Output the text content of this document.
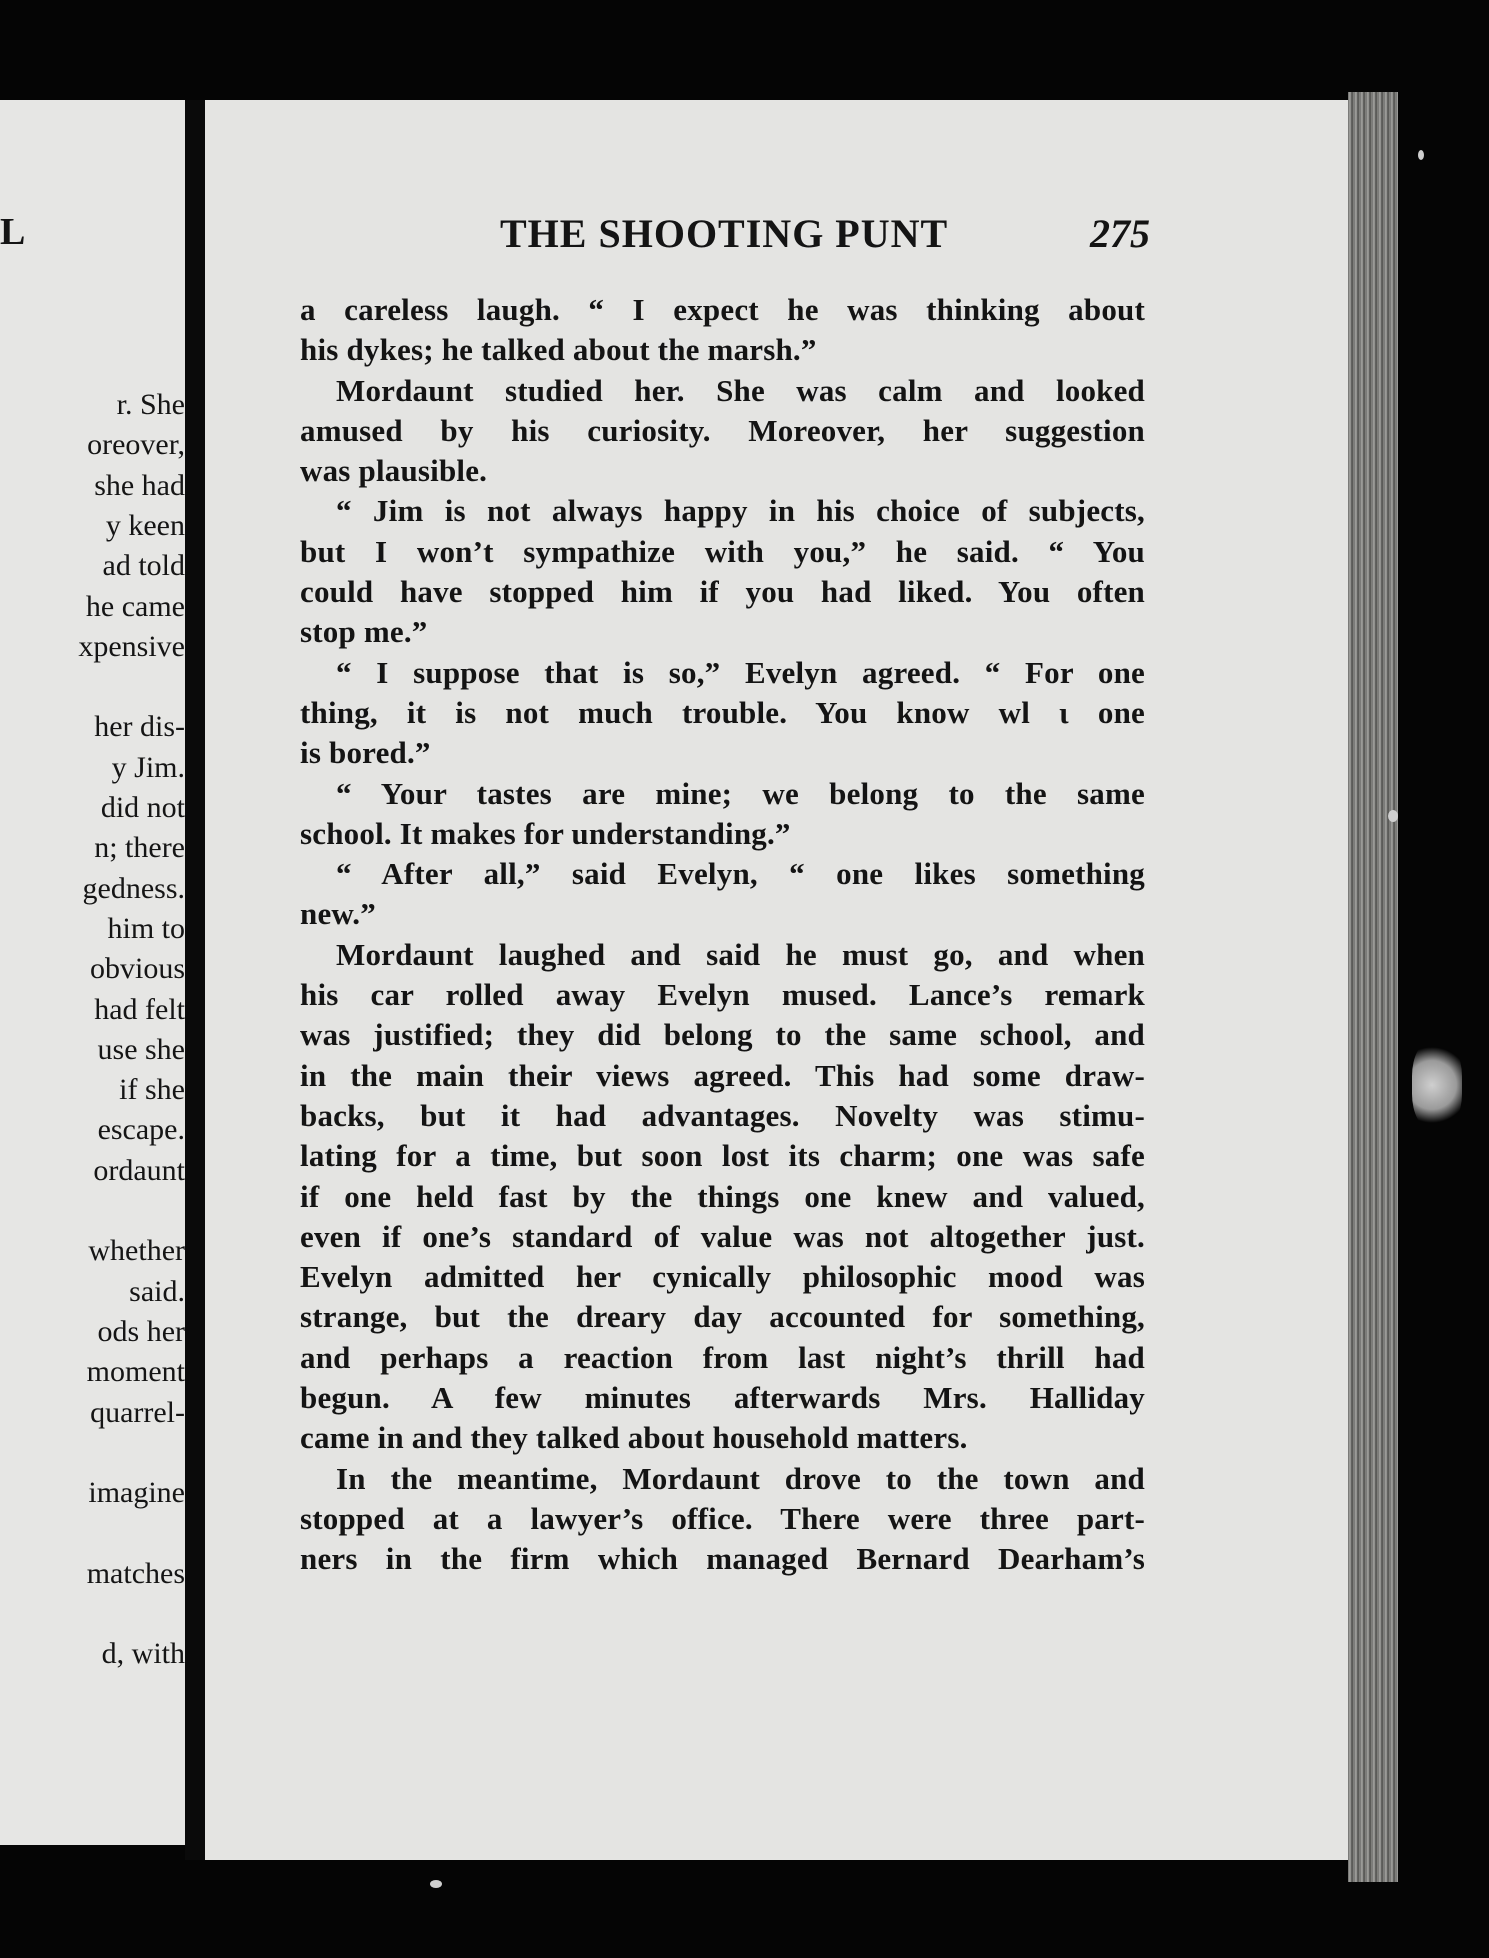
L

r. She

oreover,

she had

y keen

ad told

he came

xpensive

her dis-

y Jim.

did not

n; there

gedness.

him to

obvious

had felt

use she

if she

escape.

ordaunt

whether

said.

ods her

moment

quarrel-

imagine

matches

d, with

THE SHOOTING PUNT	275

a careless laugh. “ I expect he was thinking about

his dykes; he talked about the marsh.”

Mordaunt studied her. She was calm and looked

amused by his curiosity. Moreover, her suggestion

was plausible.

“ Jim is not always happy in his choice of subjects,

but I won’t sympathize with you,” he said. “ You

could have stopped him if you had liked. You often

stop me.”

“ I suppose that is so,” Evelyn agreed. “ For one

thing, it is not much trouble. You know wl ι one

is bored.”

“ Your tastes are mine; we belong to the same

school. It makes for understanding.”

“ After all,” said Evelyn, “ one likes something

new.”

Mordaunt laughed and said he must go, and when

his car rolled away Evelyn mused. Lance’s remark

was justified; they did belong to the same school, and

in the main their views agreed. This had some draw-

backs, but it had advantages. Novelty was stimu-

lating for a time, but soon lost its charm; one was safe

if one held fast by the things one knew and valued,

even if one’s standard of value was not altogether just.

Evelyn admitted her cynically philosophic mood was

strange, but the dreary day accounted for something,

and perhaps a reaction from last night’s thrill had

begun. A few minutes afterwards Mrs. Halliday

came in and they talked about household matters.

In the meantime, Mordaunt drove to the town and

stopped at a lawyer’s office. There were three part-

ners in the firm which managed Bernard Dearham’s
